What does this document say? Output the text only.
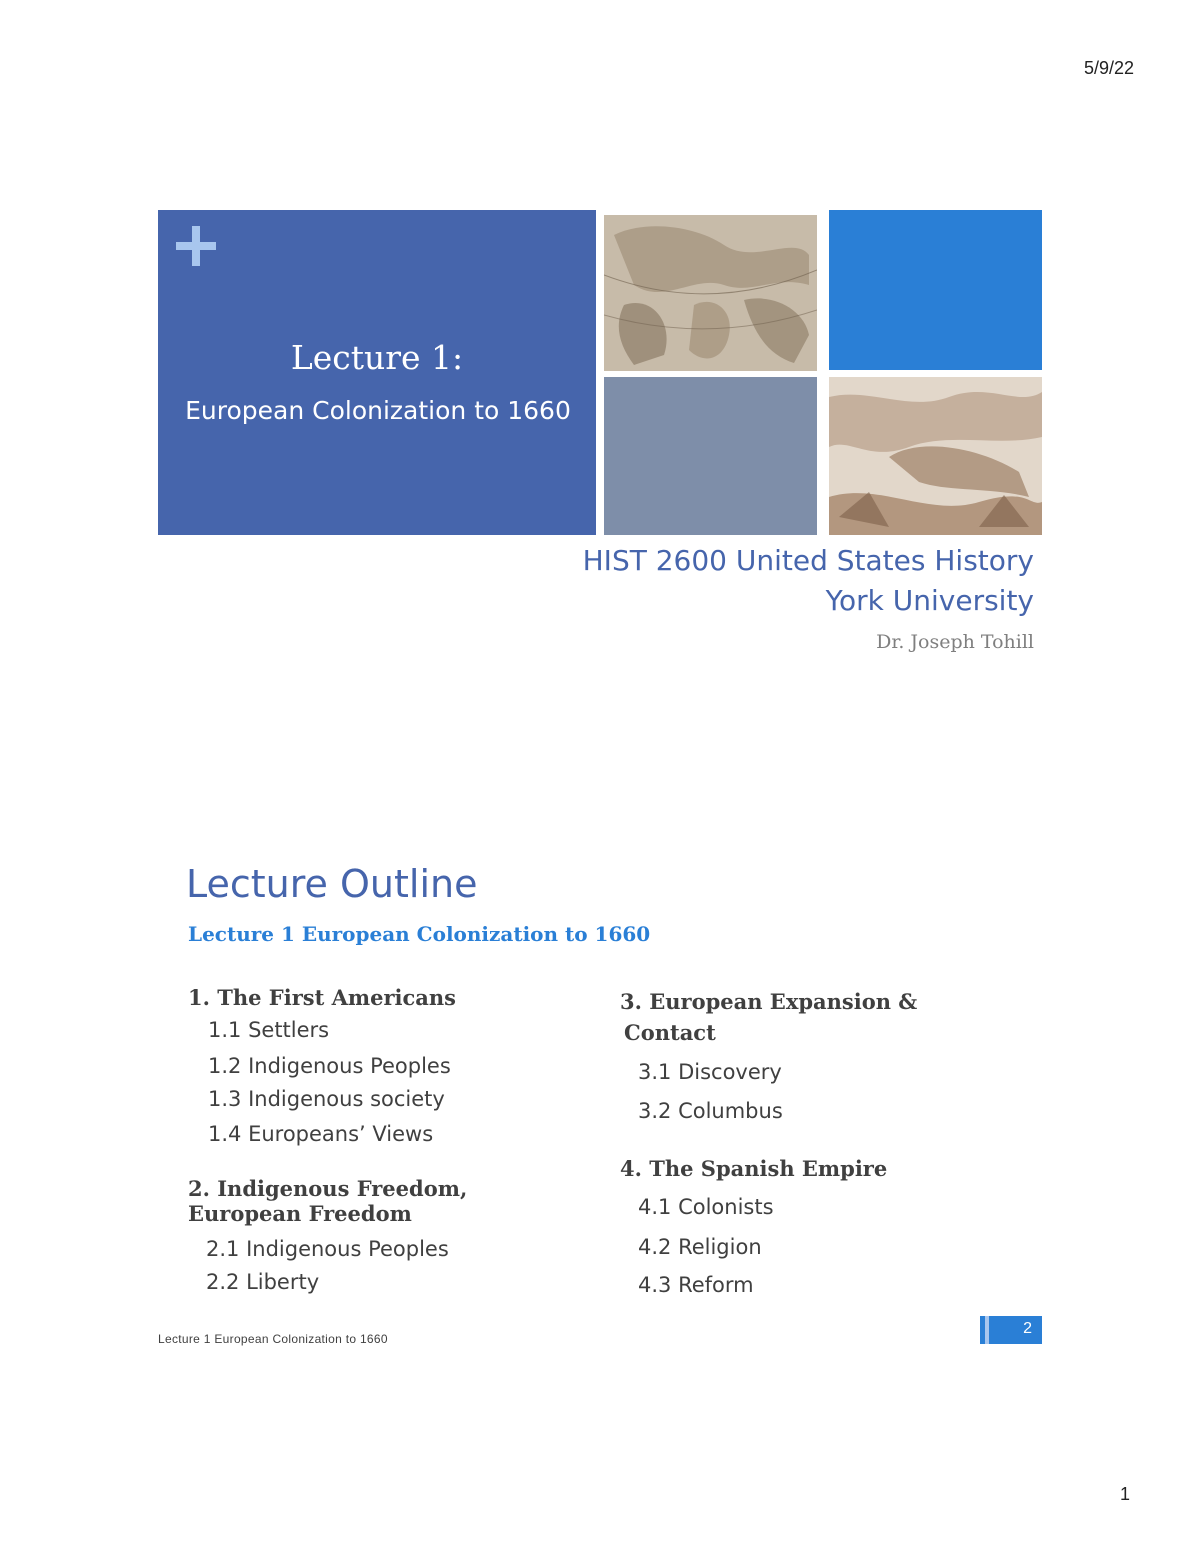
5/9/22
Lecture 1:
European Colonization to 1660
HIST 2600 United States History
York University
Dr. Joseph Tohill
Lecture Outline
Lecture 1 European Colonization to 1660
1. The First Americans
1.1 Settlers
1.2 Indigenous Peoples
1.3 Indigenous society
1.4 Europeans’ Views
2. Indigenous Freedom,
European Freedom
2.1 Indigenous Peoples
2.2 Liberty
3. European Expansion &
Contact
3.1 Discovery
3.2 Columbus
4. The Spanish Empire
4.1 Colonists
4.2 Religion
4.3 Reform
Lecture 1 European Colonization to 1660
2
1
